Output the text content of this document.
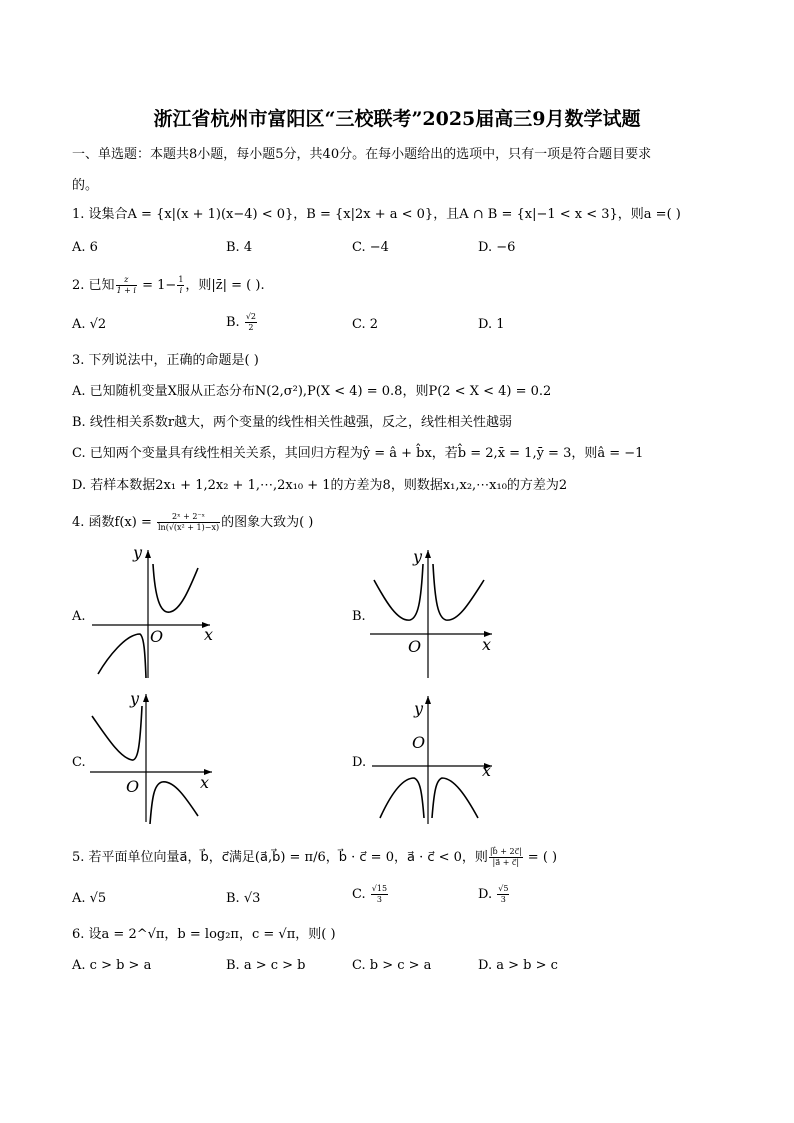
浙江省杭州市富阳区“三校联考”2025届高三9月数学试题
一、单选题：本题共8小题，每小题5分，共40分。在每小题给出的选项中，只有一项是符合题目要求
的。
1. 设集合A = {x|(x + 1)(x−4) < 0}，B = {x|2x + a < 0}，且A ∩ B = {x|−1 < x < 3}，则a =( )
A. 6	B. 4	C. −4	D. −6
2. 已知 $\frac{z}{1 + i} = 1- \frac{1}{i}$ ，则|z̄| = ( ).
A. √2	B. $\frac{√2}{2}$	C. 2	D. 1
3. 下列说法中，正确的命题是( )
A. 已知随机变量X服从正态分布N(2,σ²),P(X < 4) = 0.8，则P(2 < X < 4) = 0.2
B. 线性相关系数r越大，两个变量的线性相关性越强，反之，线性相关性越弱
C. 已知两个变量具有线性相关关系，其回归方程为ŷ = â + b̂x，若b̂ = 2,x̄ = 1,ȳ = 3，则â = −1
D. 若样本数据2x₁ + 1,2x₂ + 1,⋯,2x₁₀ + 1的方差为8，则数据x₁,x₂,⋯x₁₀的方差为2
4. 函数$f(x) = \frac{\text{2ˣ + 2⁻ˣ}}{\text{ln(√(x² + 1)−x)}}$ 的图象大致为( )
A.	B.
C.	D.
y
x
O
y
x
O
y
x
O
y
x
O
5. 若平面单位向量a⃗，b⃗，c⃗满足(a⃗,b⃗) = π/6，b⃗ · c⃗ = 0，a⃗ · c⃗ < 0，则 $\frac{|b⃗ + 2c⃗|}{|a⃗ + c⃗|}$ = ( )
A. √5	B. √3	C. $\frac{√15}{3}$	D. $\frac{√5}{3}$
6. 设a = 2^√π，b = log₂π，c = √π，则( )
A. c > b > a	B. a > c > b	C. b > c > a	D. a > b > c
